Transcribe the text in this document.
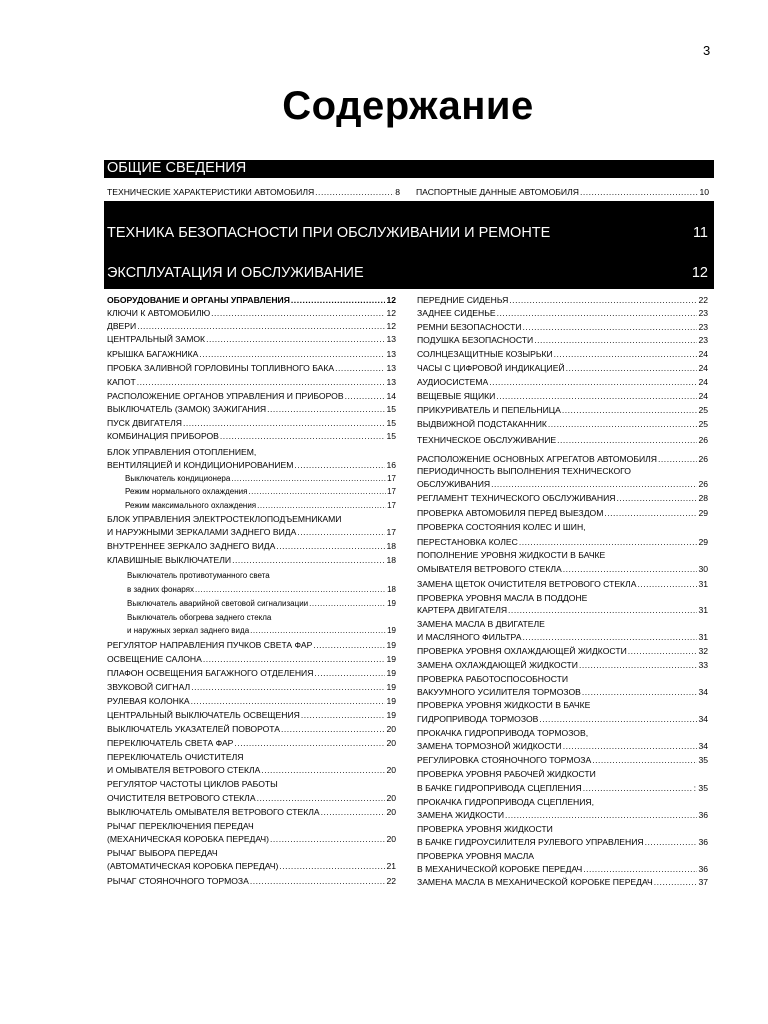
3
Содержание
ОБЩИЕ СВЕДЕНИЯ
ТЕХНИЧЕСКИЕ ХАРАКТЕРИСТИКИ АВТОМОБИЛЯ .....	8 ПАСПОРТНЫЕ ДАННЫЕ АВТОМОБИЛЯ .....	10
ТЕХНИКА БЕЗОПАСНОСТИ ПРИ ОБСЛУЖИВАНИИ И РЕМОНТЕ	11
ЭКСПЛУАТАЦИЯ И ОБСЛУЖИВАНИЕ	12
ОБОРУДОВАНИЕ И ОРГАНЫ УПРАВЛЕНИЯ .....	12
КЛЮЧИ К АВТОМОБИЛЮ .....	12
ДВЕРИ .....	12
ЦЕНТРАЛЬНЫЙ ЗАМОК .....	13
КРЫШКА БАГАЖНИКА .....	13
ПРОБКА ЗАЛИВНОЙ ГОРЛОВИНЫ ТОПЛИВНОГО БАКА .....	13
КАПОТ .....	13
РАСПОЛОЖЕНИЕ ОРГАНОВ УПРАВЛЕНИЯ И ПРИБОРОВ .....	14
ВЫКЛЮЧАТЕЛЬ (ЗАМОК) ЗАЖИГАНИЯ .....	15
ПУСК ДВИГАТЕЛЯ .....	15
КОМБИНАЦИЯ ПРИБОРОВ .....	15
БЛОК УПРАВЛЕНИЯ ОТОПЛЕНИЕМ,
ВЕНТИЛЯЦИЕЙ И КОНДИЦИОНИРОВАНИЕМ .....	16
Выключатель кондиционера .....	17
Режим нормального охлаждения .....	17
Режим максимального охлаждения .....	17
БЛОК УПРАВЛЕНИЯ ЭЛЕКТРОСТЕКЛОПОДЪЕМНИКАМИ
И НАРУЖНЫМИ ЗЕРКАЛАМИ ЗАДНЕГО ВИДА .....	17
ВНУТРЕННЕЕ ЗЕРКАЛО ЗАДНЕГО ВИДА .....	18
КЛАВИШНЫЕ ВЫКЛЮЧАТЕЛИ .....	18
Выключатель противотуманного света
в задних фонарях .....	18
Выключатель аварийной световой сигнализации .....	19
Выключатель обогрева заднего стекла
и наружных зеркал заднего вида .....	19
РЕГУЛЯТОР НАПРАВЛЕНИЯ ПУЧКОВ СВЕТА ФАР .....	19
ОСВЕЩЕНИЕ САЛОНА .....	19
ПЛАФОН ОСВЕЩЕНИЯ БАГАЖНОГО ОТДЕЛЕНИЯ .....	19
ЗВУКОВОЙ СИГНАЛ .....	19
РУЛЕВАЯ КОЛОНКА .....	19
ЦЕНТРАЛЬНЫЙ ВЫКЛЮЧАТЕЛЬ ОСВЕЩЕНИЯ .....	19
ВЫКЛЮЧАТЕЛЬ УКАЗАТЕЛЕЙ ПОВОРОТА .....	20
ПЕРЕКЛЮЧАТЕЛЬ СВЕТА ФАР .....	20
ПЕРЕКЛЮЧАТЕЛЬ ОЧИСТИТЕЛЯ
И ОМЫВАТЕЛЯ ВЕТРОВОГО СТЕКЛА .....	20
РЕГУЛЯТОР ЧАСТОТЫ ЦИКЛОВ РАБОТЫ
ОЧИСТИТЕЛЯ ВЕТРОВОГО СТЕКЛА .....	20
ВЫКЛЮЧАТЕЛЬ ОМЫВАТЕЛЯ ВЕТРОВОГО СТЕКЛА .....	20
РЫЧАГ ПЕРЕКЛЮЧЕНИЯ ПЕРЕДАЧ
(МЕХАНИЧЕСКАЯ КОРОБКА ПЕРЕДАЧ) .....	20
РЫЧАГ ВЫБОРА ПЕРЕДАЧ
(АВТОМАТИЧЕСКАЯ КОРОБКА ПЕРЕДАЧ) .....	21
РЫЧАГ СТОЯНОЧНОГО ТОРМОЗА .....	22
ПЕРЕДНИЕ СИДЕНЬЯ .....	22
ЗАДНЕЕ СИДЕНЬЕ .....	23
РЕМНИ БЕЗОПАСНОСТИ .....	23
ПОДУШКА БЕЗОПАСНОСТИ .....	23
СОЛНЦЕЗАЩИТНЫЕ КОЗЫРЬКИ .....	24
ЧАСЫ С ЦИФРОВОЙ ИНДИКАЦИЕЙ .....	24
АУДИОСИСТЕМА .....	24
ВЕЩЕВЫЕ ЯЩИКИ .....	24
ПРИКУРИВАТЕЛЬ И ПЕПЕЛЬНИЦА .....	25
ВЫДВИЖНОЙ ПОДСТАКАННИК .....	25
ТЕХНИЧЕСКОЕ ОБСЛУЖИВАНИЕ .....	26
РАСПОЛОЖЕНИЕ ОСНОВНЫХ АГРЕГАТОВ АВТОМОБИЛЯ .....	26
ПЕРИОДИЧНОСТЬ ВЫПОЛНЕНИЯ ТЕХНИЧЕСКОГО
ОБСЛУЖИВАНИЯ .....	26
РЕГЛАМЕНТ ТЕХНИЧЕСКОГО ОБСЛУЖИВАНИЯ .....	28
ПРОВЕРКА АВТОМОБИЛЯ ПЕРЕД ВЫЕЗДОМ .....	29
ПРОВЕРКА СОСТОЯНИЯ КОЛЕС И ШИН,
ПЕРЕСТАНОВКА КОЛЕС .....	29
ПОПОЛНЕНИЕ УРОВНЯ ЖИДКОСТИ В БАЧКЕ
ОМЫВАТЕЛЯ ВЕТРОВОГО СТЕКЛА .....	30
ЗАМЕНА ЩЕТОК ОЧИСТИТЕЛЯ ВЕТРОВОГО СТЕКЛА .....	31
ПРОВЕРКА УРОВНЯ МАСЛА В ПОДДОНЕ
КАРТЕРА ДВИГАТЕЛЯ .....	31
ЗАМЕНА МАСЛА В ДВИГАТЕЛЕ
И МАСЛЯНОГО ФИЛЬТРА .....	31
ПРОВЕРКА УРОВНЯ ОХЛАЖДАЮЩЕЙ ЖИДКОСТИ .....	32
ЗАМЕНА ОХЛАЖДАЮЩЕЙ ЖИДКОСТИ .....	33
ПРОВЕРКА РАБОТОСПОСОБНОСТИ
ВАКУУМНОГО УСИЛИТЕЛЯ ТОРМОЗОВ .....	34
ПРОВЕРКА УРОВНЯ ЖИДКОСТИ В БАЧКЕ
ГИДРОПРИВОДА ТОРМОЗОВ .....	34
ПРОКАЧКА ГИДРОПРИВОДА ТОРМОЗОВ,
ЗАМЕНА ТОРМОЗНОЙ ЖИДКОСТИ .....	34
РЕГУЛИРОВКА СТОЯНОЧНОГО ТОРМОЗА .....	35
ПРОВЕРКА УРОВНЯ РАБОЧЕЙ ЖИДКОСТИ
В БАЧКЕ ГИДРОПРИВОДА СЦЕПЛЕНИЯ .....	: 35
ПРОКАЧКА ГИДРОПРИВОДА СЦЕПЛЕНИЯ,
ЗАМЕНА ЖИДКОСТИ .....	36
ПРОВЕРКА УРОВНЯ ЖИДКОСТИ
В БАЧКЕ ГИДРОУСИЛИТЕЛЯ РУЛЕВОГО УПРАВЛЕНИЯ .....	36
ПРОВЕРКА УРОВНЯ МАСЛА
В МЕХАНИЧЕСКОЙ КОРОБКЕ ПЕРЕДАЧ .....	36
ЗАМЕНА МАСЛА В МЕХАНИЧЕСКОЙ КОРОБКЕ ПЕРЕДАЧ .....	37
